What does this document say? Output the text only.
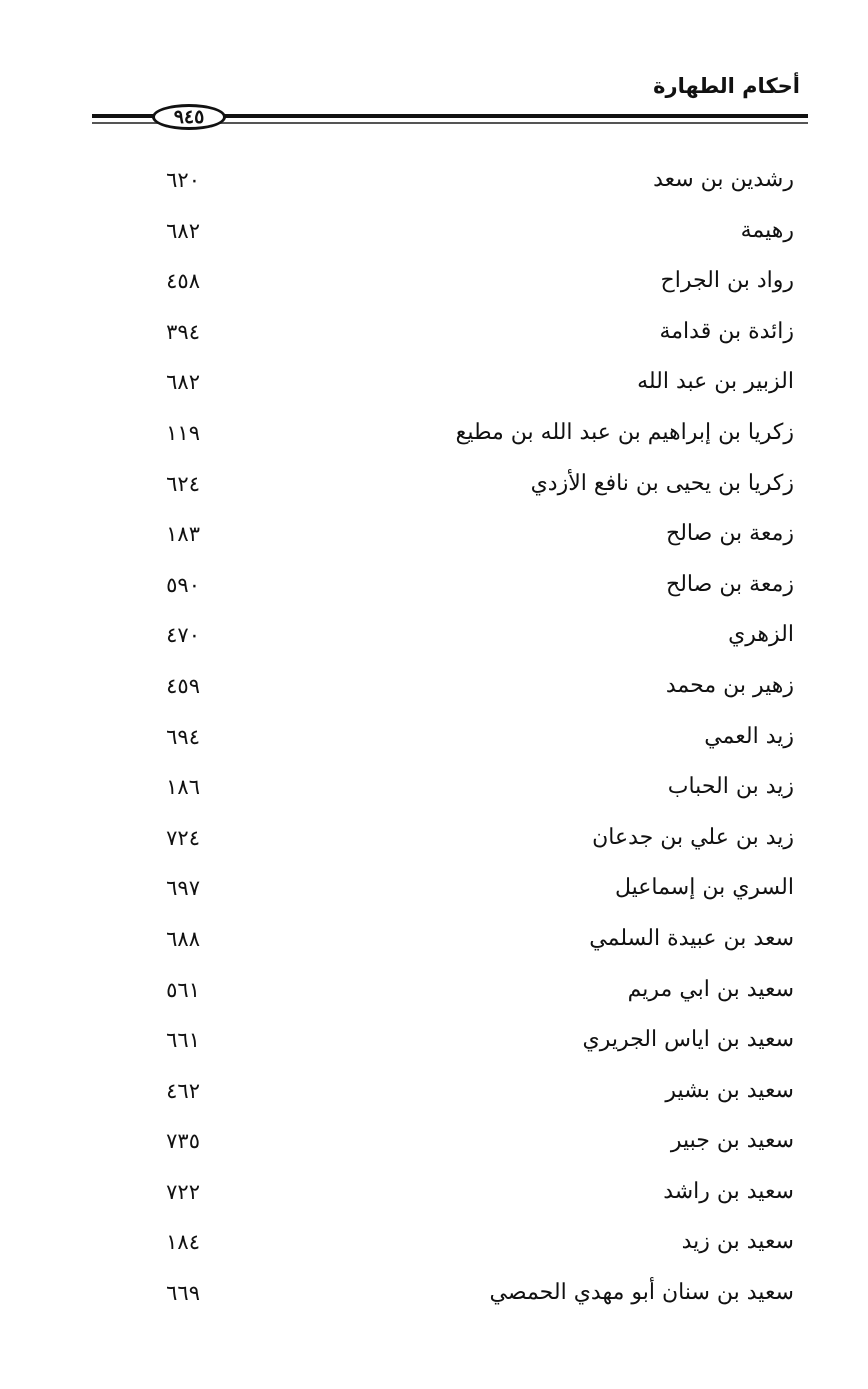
أحكام الطهارة
٩٤٥
رشدين بن سعد
٦٢٠
رهيمة
٦٨٢
رواد بن الجراح
٤٥٨
زائدة بن قدامة
٣٩٤
الزبير بن عبد الله
٦٨٢
زكريا بن إبراهيم بن عبد الله بن مطيع
١١٩
زكريا بن يحيى بن نافع الأزدي
٦٢٤
زمعة بن صالح
١٨٣
زمعة بن صالح
٥٩٠
الزهري
٤٧٠
زهير بن محمد
٤٥٩
زيد العمي
٦٩٤
زيد بن الحباب
١٨٦
زيد بن علي بن جدعان
٧٢٤
السري بن إسماعيل
٦٩٧
سعد بن عبيدة السلمي
٦٨٨
سعيد بن ابي مريم
٥٦١
سعيد بن اياس الجريري
٦٦١
سعيد بن بشير
٤٦٢
سعيد بن جبير
٧٣٥
سعيد بن راشد
٧٢٢
سعيد بن زيد
١٨٤
سعيد بن سنان أبو مهدي الحمصي
٦٦٩
